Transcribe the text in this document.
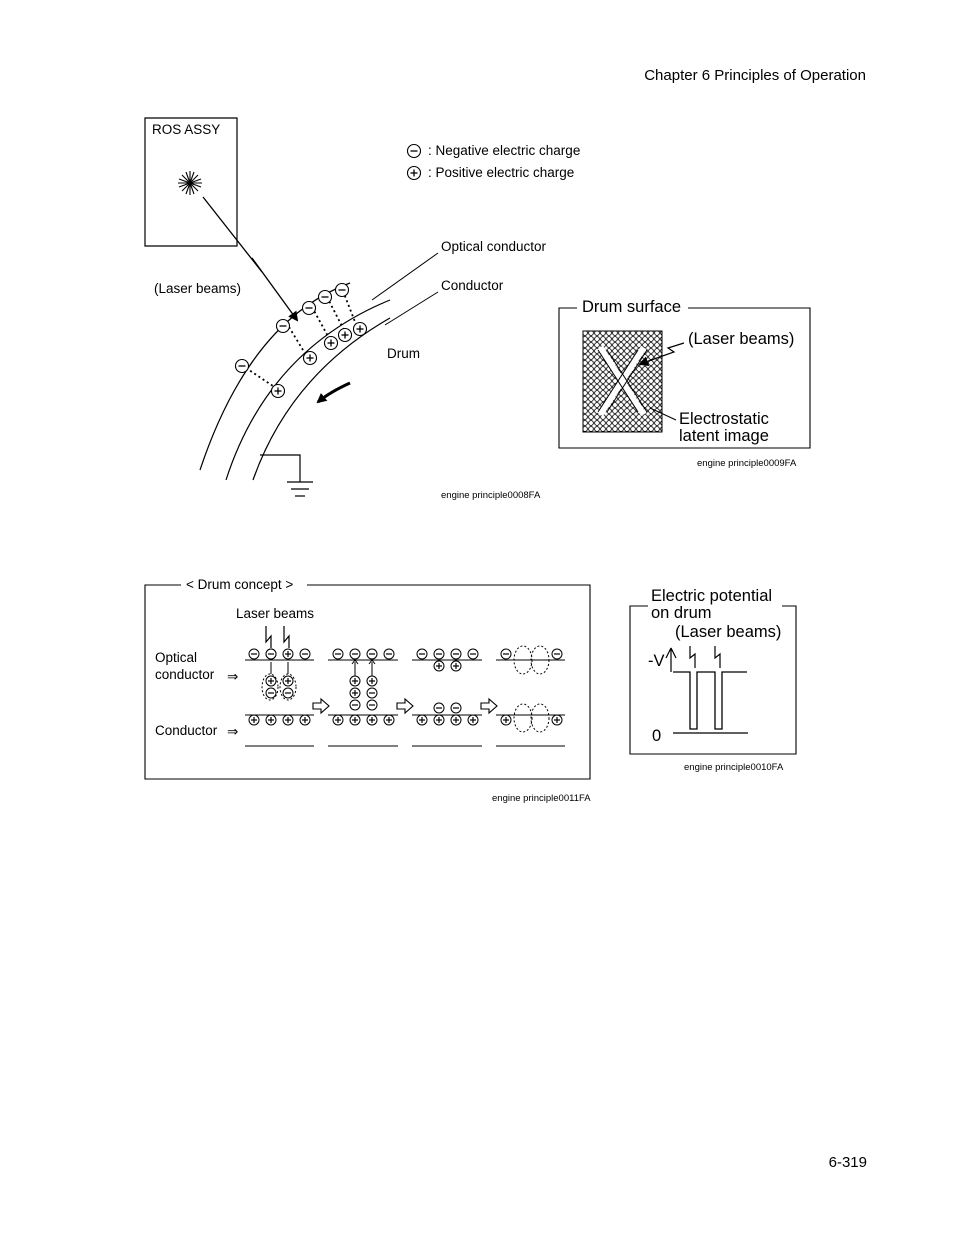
Chapter 6 Principles of Operation
6-319
ROS ASSY
: Negative electric charge
: Positive electric charge
Optical conductor
Conductor
(Laser beams)
Drum
engine principle0008FA
Drum surface
(Laser beams)
Electrostatic
latent image
engine principle0009FA
< Drum concept >
Laser beams
Optical
conductor ⇒
Conductor ⇒
engine principle0011FA
Electric potential
on drum
(Laser beams)
-V
0
engine principle0010FA
